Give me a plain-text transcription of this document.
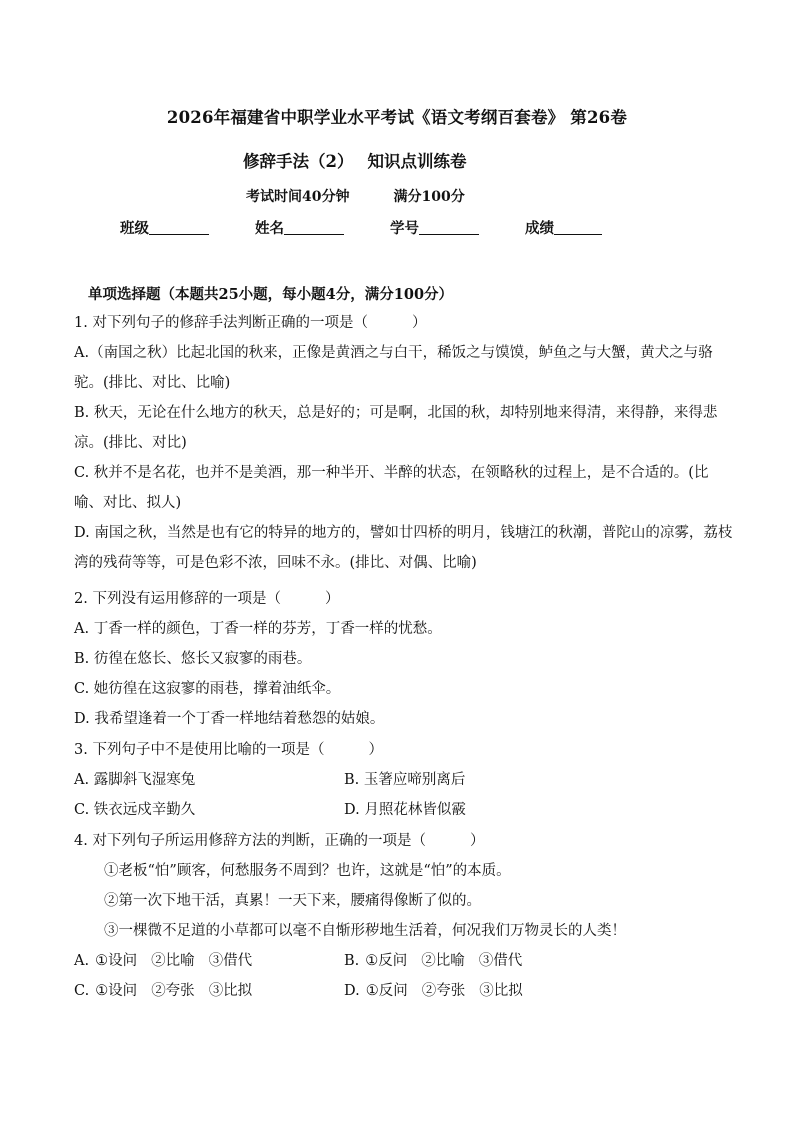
2026年福建省中职学业水平考试《语文考纲百套卷》 第26卷
修辞手法（2） 知识点训练卷
考试时间40分钟	满分100分
班级	姓名	学号	成绩
单项选择题（本题共25小题，每小题4分，满分100分）

1. 对下列句子的修辞手法判断正确的一项是（	）

A.（南国之秋）比起北国的秋来，正像是黄酒之与白干，稀饭之与馍馍，鲈鱼之与大蟹，黄犬之与骆驼。(排比、对比、比喻)

B. 秋天，无论在什么地方的秋天，总是好的；可是啊，北国的秋，却特别地来得清，来得静，来得悲凉。(排比、对比)

C. 秋并不是名花，也并不是美酒，那一种半开、半醉的状态，在领略秋的过程上，是不合适的。(比喻、对比、拟人)

D. 南国之秋，当然是也有它的特异的地方的，譬如廿四桥的明月，钱塘江的秋潮，普陀山的凉雾，荔枝湾的残荷等等，可是色彩不浓，回味不永。(排比、对偶、比喻)

2. 下列没有运用修辞的一项是（	）

A. 丁香一样的颜色，丁香一样的芬芳，丁香一样的忧愁。

B. 彷徨在悠长、悠长又寂寥的雨巷。

C. 她彷徨在这寂寥的雨巷，撑着油纸伞。

D. 我希望逢着一个丁香一样地结着愁怨的姑娘。

3. 下列句子中不是使用比喻的一项是（	）

A. 露脚斜飞湿寒兔	B. 玉箸应啼别离后

C. 铁衣远戍辛勤久	D. 月照花林皆似霰

4. 对下列句子所运用修辞方法的判断，正确的一项是（	）

①老板“怕”顾客，何愁服务不周到？也许，这就是“怕”的本质。

②第一次下地干活，真累！一天下来，腰痛得像断了似的。

③一棵微不足道的小草都可以毫不自惭形秽地生活着，何况我们万物灵长的人类！

A. ①设问 ②比喻 ③借代	B. ①反问 ②比喻 ③借代

C. ①设问 ②夸张 ③比拟	D. ①反问 ②夸张 ③比拟
